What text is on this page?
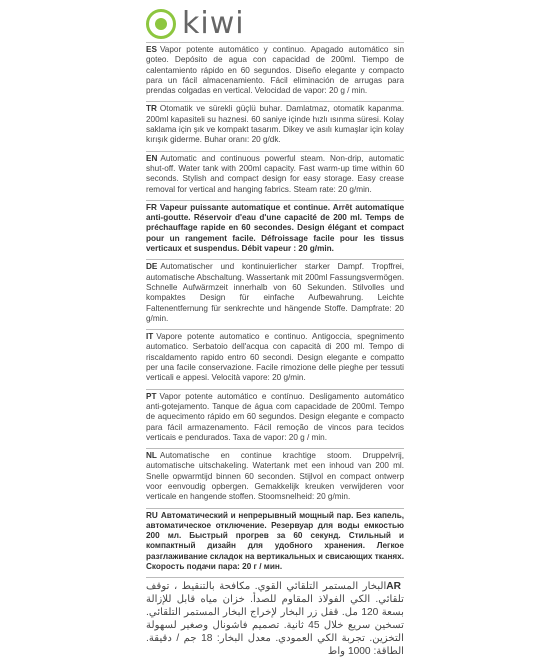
kiwi
ES Vapor potente automático y continuo. Apagado automático sin goteo. Depósito de agua con capacidad de 200ml. Tiempo de calentamiento rápido en 60 segundos. Diseño elegante y compacto para un fácil almacenamiento. Fácil eliminación de arrugas para prendas colgadas en vertical. Velocidad de vapor: 20 g / min.
TR Otomatik ve sürekli güçlü buhar. Damlatmaz, otomatik kapanma. 200ml kapasiteli su haznesi. 60 saniye içinde hızlı ısınma süresi. Kolay saklama için şık ve kompakt tasarım. Dikey ve asılı kumaşlar için kolay kırışık giderme. Buhar oranı: 20 g/dk.
EN Automatic and continuous powerful steam. Non-drip, automatic shut-off. Water tank with 200ml capacity. Fast warm-up time within 60 seconds. Stylish and compact design for easy storage. Easy crease removal for vertical and hanging fabrics. Steam rate: 20 g/min.
FR Vapeur puissante automatique et continue. Arrêt automatique anti-goutte. Réservoir d'eau d'une capacité de 200 ml. Temps de préchauffage rapide en 60 secondes. Design élégant et compact pour un rangement facile. Défroissage facile pour les tissus verticaux et suspendus. Débit vapeur : 20 g/min.
DE Automatischer und kontinuierlicher starker Dampf. Tropffrei, automatische Abschaltung. Wassertank mit 200ml Fassungsvermögen. Schnelle Aufwärmzeit innerhalb von 60 Sekunden. Stilvolles und kompaktes Design für einfache Aufbewahrung. Leichte Faltenentfernung für senkrechte und hängende Stoffe. Dampfrate: 20 g/min.
IT Vapore potente automatico e continuo. Antigoccia, spegnimento automatico. Serbatoio dell'acqua con capacità di 200 ml. Tempo di riscaldamento rapido entro 60 secondi. Design elegante e compatto per una facile conservazione. Facile rimozione delle pieghe per tessuti verticali e appesi. Velocità vapore: 20 g/min.
PT Vapor potente automático e contínuo. Desligamento automático anti-gotejamento. Tanque de água com capacidade de 200ml. Tempo de aquecimento rápido em 60 segundos. Design elegante e compacto para fácil armazenamento. Fácil remoção de vincos para tecidos verticais e pendurados. Taxa de vapor: 20 g / min.
NL Automatische en continue krachtige stoom. Druppelvrij, automatische uitschakeling. Watertank met een inhoud van 200 ml. Snelle opwarmtijd binnen 60 seconden. Stijlvol en compact ontwerp voor eenvoudig opbergen. Gemakkelijk kreuken verwijderen voor verticale en hangende stoffen. Stoomsnelheid: 20 g/min.
RU Автоматический и непрерывный мощный пар. Без капель, автоматическое отключение. Резервуар для воды емкостью 200 мл. Быстрый прогрев за 60 секунд. Стильный и компактный дизайн для удобного хранения. Легкое разглаживание складок на вертикальных и свисающих тканях. Скорость подачи пара: 20 г / мин.
ARالبخار المستمر التلقائي القوي. مكافحة بالتنقيط ، توقف تلقائي. الكي الفولاذ المقاوم للصدأ. خزان مياه قابل للإزالة بسعة 120 مل. قفل زر البخار لإخراج البخار المستمر التلقائي. تسخين سريع خلال 45 ثانية. تصميم فاشونال وصغير لسهولة التخزين. تجربة الكي العمودي. معدل البخار: 18 جم / دقيقة. الطاقة: 1000 واط
